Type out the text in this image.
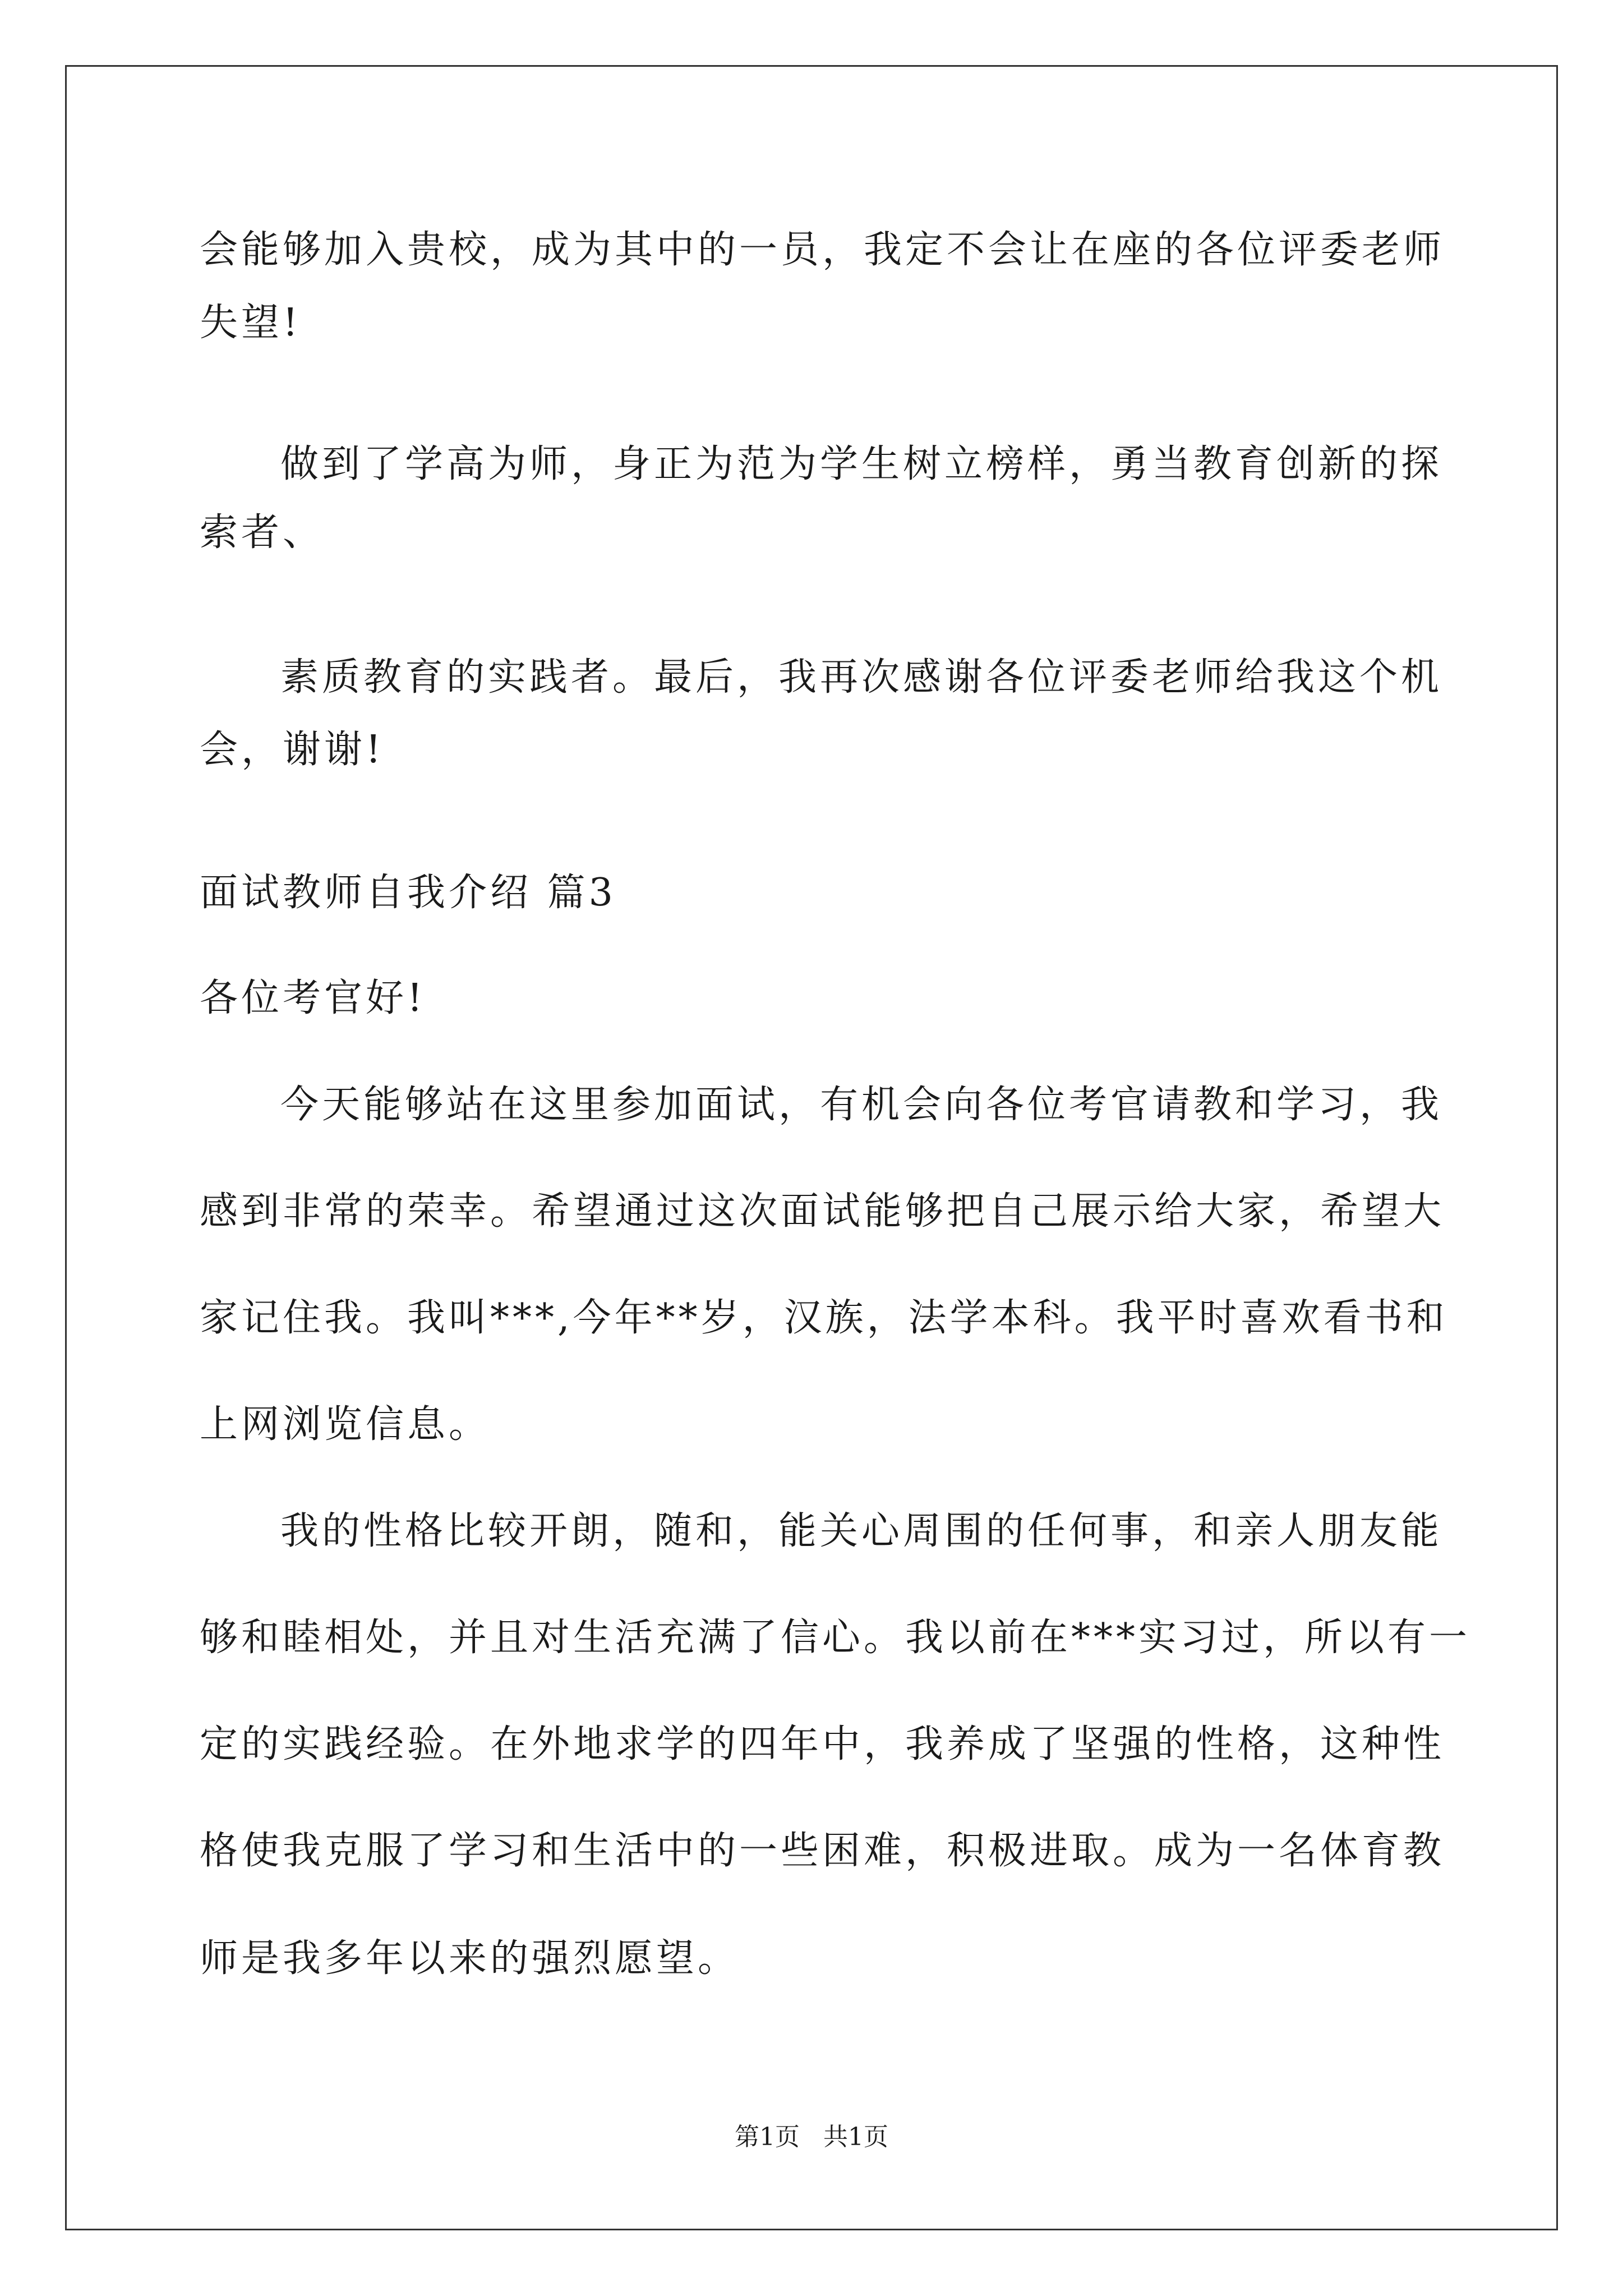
会能够加入贵校，成为其中的一员，我定不会让在座的各位评委老师
失望!
做到了学高为师，身正为范为学生树立榜样，勇当教育创新的探
索者、
素质教育的实践者。最后，我再次感谢各位评委老师给我这个机
会，谢谢!
面试教师自我介绍 篇3
各位考官好!
今天能够站在这里参加面试，有机会向各位考官请教和学习，我
感到非常的荣幸。希望通过这次面试能够把自己展示给大家，希望大
家记住我。我叫***,今年**岁，汉族，法学本科。我平时喜欢看书和
上网浏览信息。
我的性格比较开朗，随和，能关心周围的任何事，和亲人朋友能
够和睦相处，并且对生活充满了信心。我以前在***实习过，所以有一
定的实践经验。在外地求学的四年中，我养成了坚强的性格，这种性
格使我克服了学习和生活中的一些困难，积极进取。成为一名体育教
师是我多年以来的强烈愿望。
第1页   共1页
